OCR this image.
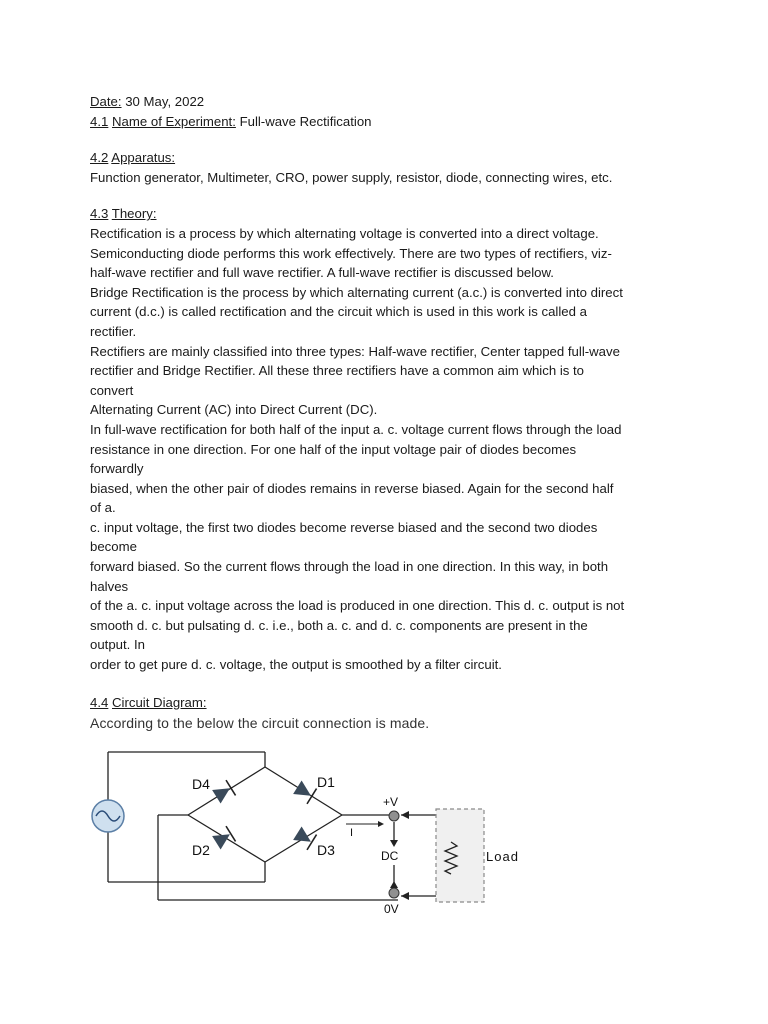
Date: 30 May, 2022
4.1 Name of Experiment: Full-wave Rectification
4.2 Apparatus:
Function generator, Multimeter, CRO, power supply, resistor, diode, connecting wires, etc.
4.3 Theory:
Rectification is a process by which alternating voltage is converted into a direct voltage.
Semiconducting diode performs this work effectively. There are two types of rectifiers, viz-
half-wave rectifier and full wave rectifier. A full-wave rectifier is discussed below.
Bridge Rectification is the process by which alternating current (a.c.) is converted into direct
current (d.c.) is called rectification and the circuit which is used in this work is called a
rectifier.
Rectifiers are mainly classified into three types: Half-wave rectifier, Center tapped full-wave
rectifier and Bridge Rectifier. All these three rectifiers have a common aim which is to
convert
Alternating Current (AC) into Direct Current (DC).
In full-wave rectification for both half of the input a. c. voltage current flows through the load
resistance in one direction. For one half of the input voltage pair of diodes becomes
forwardly
biased, when the other pair of diodes remains in reverse biased. Again for the second half
of a.
c. input voltage, the first two diodes become reverse biased and the second two diodes
become
forward biased. So the current flows through the load in one direction. In this way, in both
halves
of the a. c. input voltage across the load is produced in one direction. This d. c. output is not
smooth d. c. but pulsating d. c. i.e., both a. c. and d. c. components are present in the
output. In
order to get pure d. c. voltage, the output is smoothed by a filter circuit.
4.4 Circuit Diagram:
According to the below the circuit connection is made.
D4	D1
D2	D3
+V
I
DC
0V
Load
